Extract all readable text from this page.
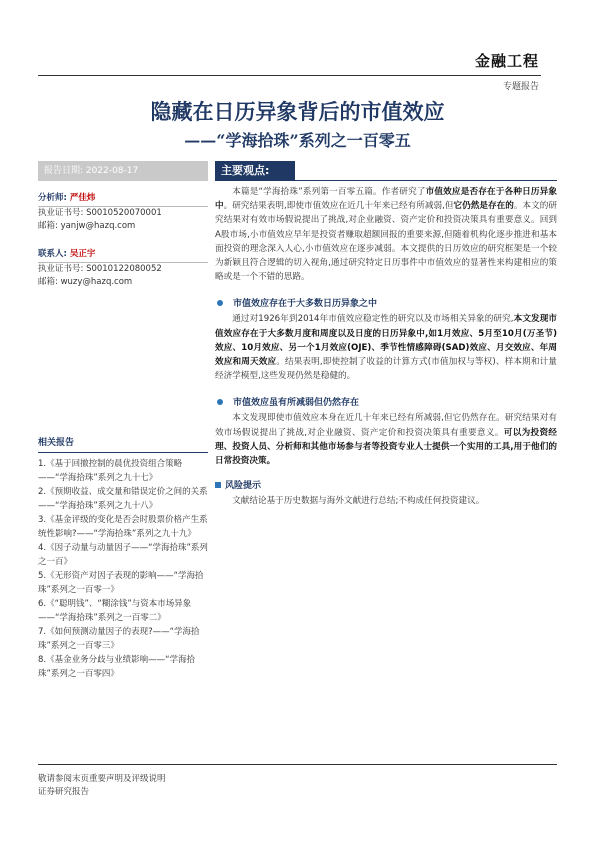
金融工程
专题报告
隐藏在日历异象背后的市值效应
——“学海拾珠”系列之一百零五
报告日期: 2022-08-17
分析师: 严佳炜
执业证书号: S0010520070001
邮箱: yanjw@hazq.com
联系人: 吴正宇
执业证书号: S0010122080052
邮箱: wuzy@hazq.com
相关报告
1.《基于回撤控制的晨优投资组合策略——“学海拾珠”系列之九十七》
2.《预期收益、成交量和错误定价之间的关系——“学海拾珠”系列之九十八》
3.《基金评级的变化是否会时股票价格产生系统性影响?——“学海拾珠”系列之九十九》
4.《因子动量与动量因子——“学海拾珠”系列之一百》
5.《无形资产对因子表现的影响——“学海拾珠”系列之一百零一》
6.《“聪明钱”、“糊涂钱”与资本市场异象——“学海拾珠”系列之一百零二》
7.《如何预测动量因子的表现?——“学海拾珠”系列之一百零三》
8.《基金业务分歧与业绩影响——“学海拾珠”系列之一百零四》
主要观点:

本篇是“学海拾珠”系列第一百零五篇。作者研究了市值效应是否存在于各种日历异象中。研究结果表明,即使市值效应在近几十年来已经有所减弱,但它仍然是存在的。本文的研究结果对有效市场假说提出了挑战,对企业融资、资产定价和投资决策具有重要意义。回到A股市场,小市值效应早年是投资者赚取超额回报的重要来源,但随着机构化逐步推进和基本面投资的理念深入人心,小市值效应在逐步减弱。本文提供的日历效应的研究框架是一个较为新颖且符合逻辑的切入视角,通过研究特定日历事件中市值效应的显著性来构建相应的策略或是一个不错的思路。

市值效应存在于大多数日历异象之中

通过对1926年到2014年市值效应稳定性的研究以及市场相关异象的研究,本文发现市值效应存在于大多数月度和周度以及日度的日历异象中,如1月效应、5月至10月(万圣节)效应、10月效应、另一个1月效应(OJE)、季节性情感障碍(SAD)效应、月交效应、年周效应和周天效应。结果表明,即使控制了收益的计算方式(市值加权与等权)、样本期和计量经济学模型,这些发现仍然是稳健的。

市值效应虽有所减弱但仍然存在

本文发现即使市值效应本身在近几十年来已经有所减弱,但它仍然存在。研究结果对有效市场假说提出了挑战,对企业融资、资产定价和投资决策具有重要意义。可以为投资经理、投资人员、分析师和其他市场参与者等投资专业人士提供一个实用的工具,用于他们的日常投资决策。

风险提示

文献结论基于历史数据与海外文献进行总结;不构成任何投资建议。

敬请参阅末页重要声明及评级说明
证券研究报告
